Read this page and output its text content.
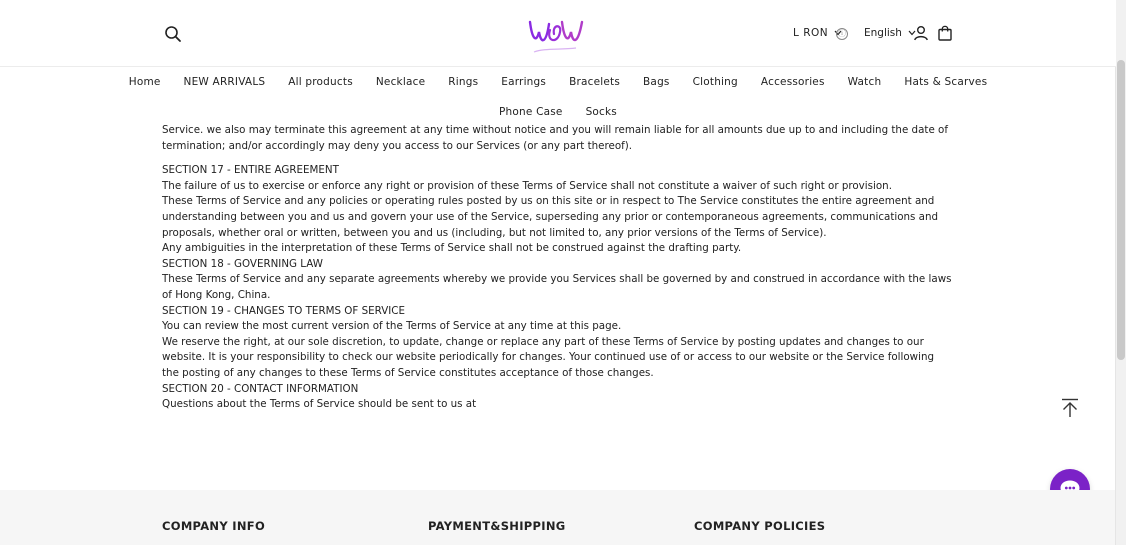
L RON ⓘ English
Home	NEW ARRIVALS	All products	Necklace	Rings	Earrings	Bracelets	Bags	Clothing	Accessories	Watch	Hats & Scarves
Phone Case	Socks

Service. we also may terminate this agreement at any time without notice and you will remain liable for all amounts due up to and including the date of termination; and/or accordingly may deny you access to our Services (or any part thereof).

SECTION 17 - ENTIRE AGREEMENT

The failure of us to exercise or enforce any right or provision of these Terms of Service shall not constitute a waiver of such right or provision.

These Terms of Service and any policies or operating rules posted by us on this site or in respect to The Service constitutes the entire agreement and understanding between you and us and govern your use of the Service, superseding any prior or contemporaneous agreements, communications and proposals, whether oral or written, between you and us (including, but not limited to, any prior versions of the Terms of Service).

Any ambiguities in the interpretation of these Terms of Service shall not be construed against the drafting party.

SECTION 18 - GOVERNING LAW

These Terms of Service and any separate agreements whereby we provide you Services shall be governed by and construed in accordance with the laws of Hong Kong, China.

SECTION 19 - CHANGES TO TERMS OF SERVICE

You can review the most current version of the Terms of Service at any time at this page.

We reserve the right, at our sole discretion, to update, change or replace any part of these Terms of Service by posting updates and changes to our website. It is your responsibility to check our website periodically for changes. Your continued use of or access to our website or the Service following the posting of any changes to these Terms of Service constitutes acceptance of those changes.

SECTION 20 - CONTACT INFORMATION

Questions about the Terms of Service should be sent to us at

COMPANY INFO	PAYMENT&SHIPPING	COMPANY POLICIES
